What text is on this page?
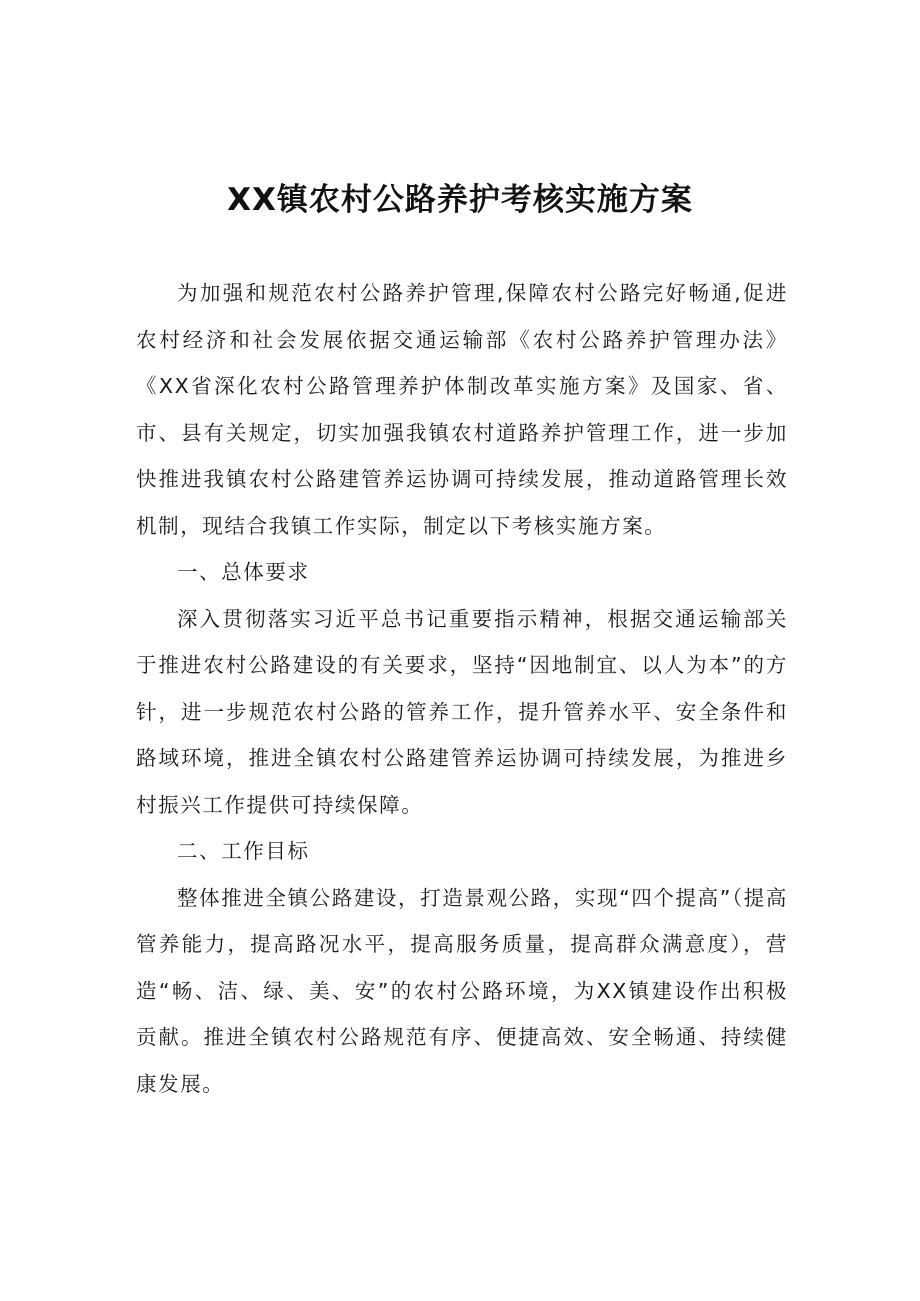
XX镇农村公路养护考核实施方案

为加强和规范农村公路养护管理,保障农村公路完好畅通,促进农村经济和社会发展依据交通运输部《农村公路养护管理办法》《XX省深化农村公路管理养护体制改革实施方案》及国家、省、市、县有关规定，切实加强我镇农村道路养护管理工作，进一步加快推进我镇农村公路建管养运协调可持续发展，推动道路管理长效机制，现结合我镇工作实际，制定以下考核实施方案。

一、总体要求

深入贯彻落实习近平总书记重要指示精神，根据交通运输部关于推进农村公路建设的有关要求，坚持“因地制宜、以人为本”的方针，进一步规范农村公路的管养工作，提升管养水平、安全条件和路域环境，推进全镇农村公路建管养运协调可持续发展，为推进乡村振兴工作提供可持续保障。

二、工作目标

整体推进全镇公路建设，打造景观公路，实现“四个提高”（提高管养能力，提高路况水平，提高服务质量，提高群众满意度），营造“畅、洁、绿、美、安”的农村公路环境，为XX镇建设作出积极贡献。推进全镇农村公路规范有序、便捷高效、安全畅通、持续健康发展。
